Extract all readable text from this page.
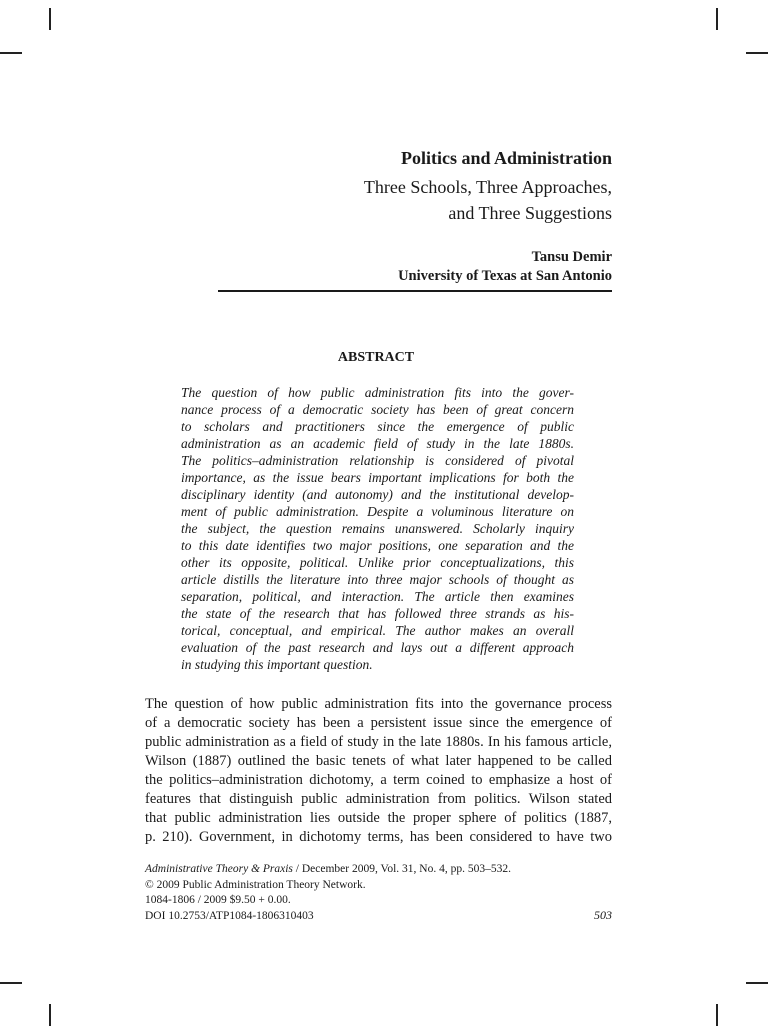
Politics and Administration
Three Schools, Three Approaches,
and Three Suggestions
Tansu Demir
University of Texas at San Antonio
ABSTRACT

The question of how public administration fits into the gover-
nance process of a democratic society has been of great concern
to scholars and practitioners since the emergence of public
administration as an academic field of study in the late 1880s.
The politics–administration relationship is considered of pivotal
importance, as the issue bears important implications for both the
disciplinary identity (and autonomy) and the institutional develop-
ment of public administration. Despite a voluminous literature on
the subject, the question remains unanswered. Scholarly inquiry
to this date identifies two major positions, one separation and the
other its opposite, political. Unlike prior conceptualizations, this
article distills the literature into three major schools of thought as
separation, political, and interaction. The article then examines
the state of the research that has followed three strands as his-
torical, conceptual, and empirical. The author makes an overall
evaluation of the past research and lays out a different approach
in studying this important question.

The question of how public administration fits into the governance process
of a democratic society has been a persistent issue since the emergence of
public administration as a field of study in the late 1880s. In his famous article,
Wilson (1887) outlined the basic tenets of what later happened to be called
the politics–administration dichotomy, a term coined to emphasize a host of
features that distinguish public administration from politics. Wilson stated
that public administration lies outside the proper sphere of politics (1887,
p. 210). Government, in dichotomy terms, has been considered to have two

Administrative Theory & Praxis / December 2009, Vol. 31, No. 4, pp. 503–532.
© 2009 Public Administration Theory Network.
1084-1806 / 2009 $9.50 + 0.00.
DOI 10.2753/ATP1084-1806310403	503
